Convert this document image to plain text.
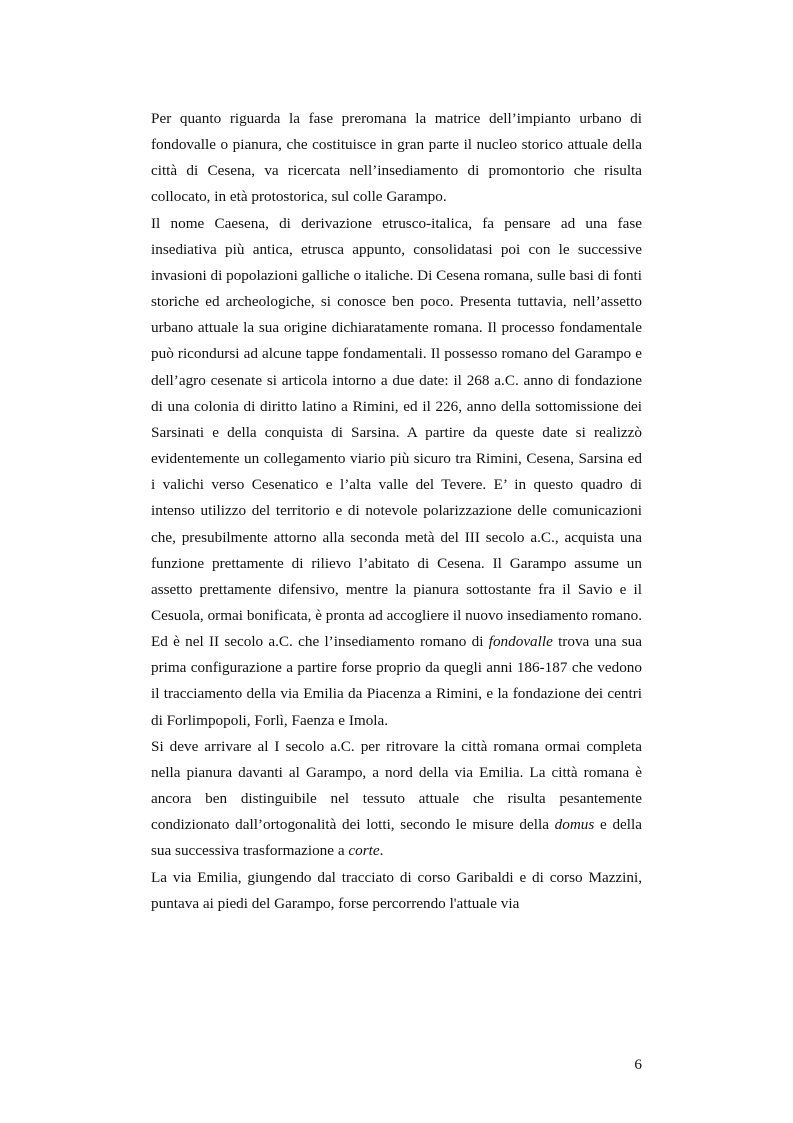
Per quanto riguarda la fase preromana la matrice dell’impianto urbano di fondovalle o pianura, che costituisce in gran parte il nucleo storico attuale della città di Cesena, va ricercata nell’insediamento di promontorio che risulta collocato, in età protostorica, sul colle Garampo.

Il nome Caesena, di derivazione etrusco-italica, fa pensare ad una fase insediativa più antica, etrusca appunto, consolidatasi poi con le successive invasioni di popolazioni galliche o italiche. Di Cesena romana, sulle basi di fonti storiche ed archeologiche, si conosce ben poco. Presenta tuttavia, nell’assetto urbano attuale la sua origine dichiaratamente romana. Il processo fondamentale può ricondursi ad alcune tappe fondamentali. Il possesso romano del Garampo e dell’agro cesenate si articola intorno a due date: il 268 a.C. anno di fondazione di una colonia di diritto latino a Rimini, ed il 226, anno della sottomissione dei Sarsinati e della conquista di Sarsina. A partire da queste date si realizzò evidentemente un collegamento viario più sicuro tra Rimini, Cesena, Sarsina ed i valichi verso Cesenatico e l’alta valle del Tevere. E’ in questo quadro di intenso utilizzo del territorio e di notevole polarizzazione delle comunicazioni che, presubilmente attorno alla seconda metà del III secolo a.C., acquista una funzione prettamente di rilievo l’abitato di Cesena. Il Garampo assume un assetto prettamente difensivo, mentre la pianura sottostante fra il Savio e il Cesuola, ormai bonificata, è pronta ad accogliere il nuovo insediamento romano. Ed è nel II secolo a.C. che l’insediamento romano di fondovalle trova una sua prima configurazione a partire forse proprio da quegli anni 186-187 che vedono il tracciamento della via Emilia da Piacenza a Rimini, e la fondazione dei centri di Forlimpopoli, Forlì, Faenza e Imola.

Si deve arrivare al I secolo a.C. per ritrovare la città romana ormai completa nella pianura davanti al Garampo, a nord della via Emilia. La città romana è ancora ben distinguibile nel tessuto attuale che risulta pesantemente condizionato dall’ortogonalità dei lotti, secondo le misure della domus e della sua successiva trasformazione a corte.

La via Emilia, giungendo dal tracciato di corso Garibaldi e di corso Mazzini, puntava ai piedi del Garampo, forse percorrendo l'attuale via

6
